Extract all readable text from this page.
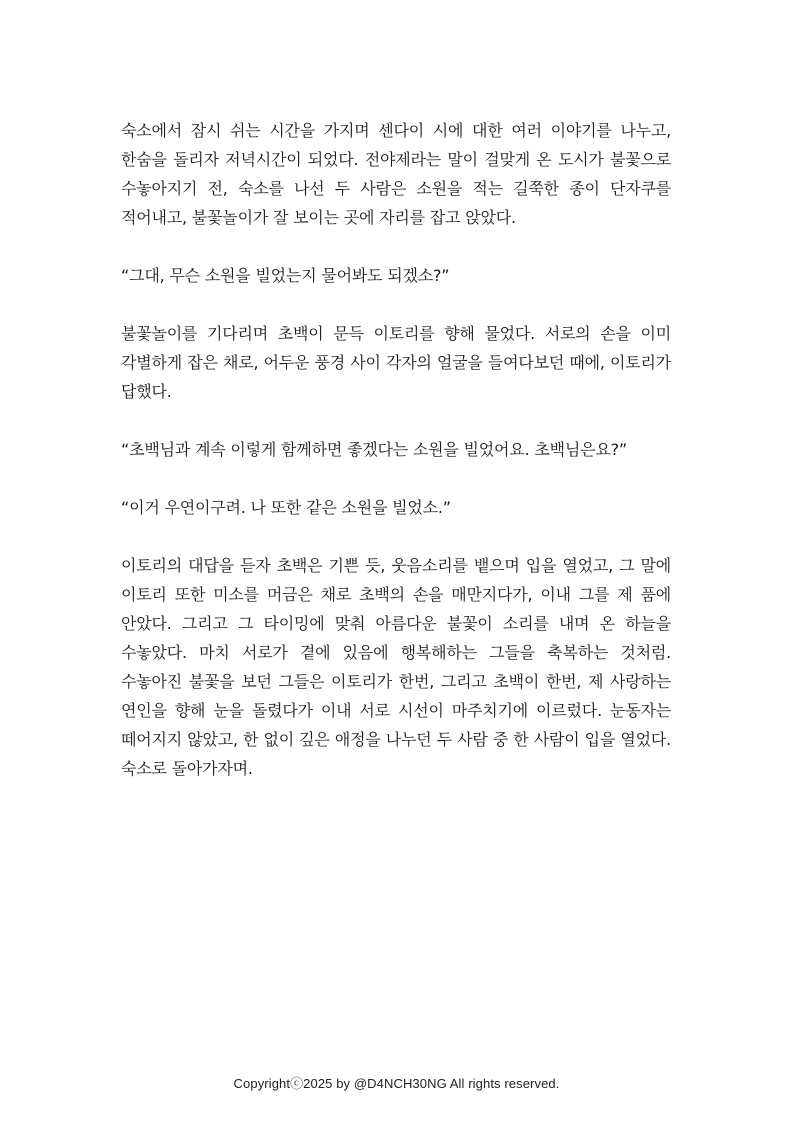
숙소에서 잠시 쉬는 시간을 가지며 센다이 시에 대한 여러 이야기를 나누고, 한숨을 돌리자 저녁시간이 되었다. 전야제라는 말이 걸맞게 온 도시가 불꽃으로 수놓아지기 전, 숙소를 나선 두 사람은 소원을 적는 길쭉한 종이 단자쿠를 적어내고, 불꽃놀이가 잘 보이는 곳에 자리를 잡고 앉았다.

“그대, 무슨 소원을 빌었는지 물어봐도 되겠소?”

불꽃놀이를 기다리며 초백이 문득 이토리를 향해 물었다. 서로의 손을 이미 각별하게 잡은 채로, 어두운 풍경 사이 각자의 얼굴을 들여다보던 때에, 이토리가 답했다.

“초백님과 계속 이렇게 함께하면 좋겠다는 소원을 빌었어요. 초백님은요?”

“이거 우연이구려. 나 또한 같은 소원을 빌었소.”

이토리의 대답을 듣자 초백은 기쁜 듯, 웃음소리를 뱉으며 입을 열었고, 그 말에 이토리 또한 미소를 머금은 채로 초백의 손을 매만지다가, 이내 그를 제 품에 안았다. 그리고 그 타이밍에 맞춰 아름다운 불꽃이 소리를 내며 온 하늘을 수놓았다. 마치 서로가 곁에 있음에 행복해하는 그들을 축복하는 것처럼. 수놓아진 불꽃을 보던 그들은 이토리가 한번, 그리고 초백이 한번, 제 사랑하는 연인을 향해 눈을 돌렸다가 이내 서로 시선이 마주치기에 이르렀다. 눈동자는 떼어지지 않았고, 한 없이 깊은 애정을 나누던 두 사람 중 한 사람이 입을 열었다. 숙소로 돌아가자며.

Copyrightⓒ2025 by @D4NCH30NG All rights reserved.
